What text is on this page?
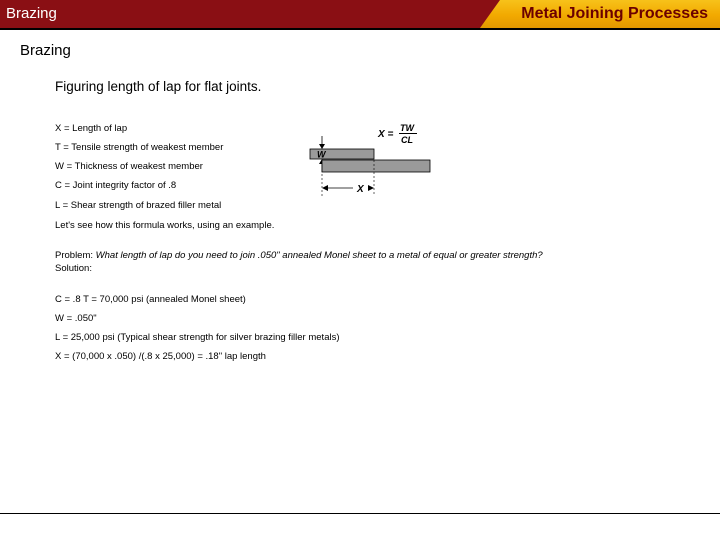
Brazing	Metal Joining Processes
Brazing
Figuring length of lap for flat joints.
X = Length of lap
T = Tensile strength of weakest member
W = Thickness of weakest member
C = Joint integrity factor of .8
L = Shear strength of brazed filler metal
Let's see how this formula works, using an example.
Problem: What length of lap do you need to join .050" annealed Monel sheet to a metal of equal or greater strength?
Solution:
C = .8 T = 70,000 psi (annealed Monel sheet)
W = .050"
L = 25,000 psi (Typical shear strength for silver brazing filler metals)
X = (70,000 x .050) /(.8 x 25,000) = .18" lap length
X =
TW
CL
W
X
